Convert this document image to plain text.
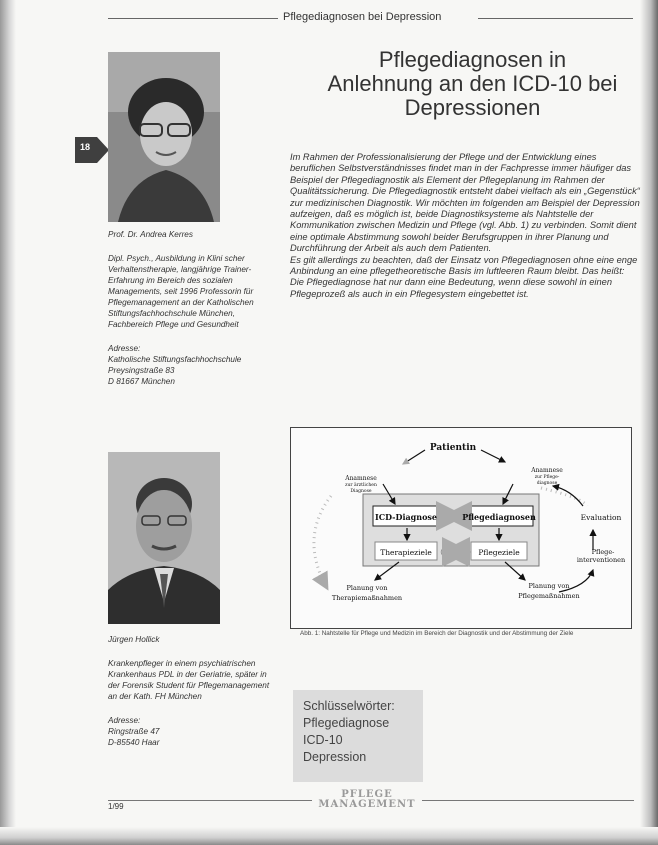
Pflegediagnosen bei Depression
18

Prof. Dr. Andrea Kerres

Dipl. Psych., Ausbildung in Klini scher Verhaltenstherapie, langjährige Trainer-Erfahrung im Bereich des sozialen Managements, seit 1996 Professorin für Pflegemanagement an der Katholischen Stiftungsfachhochschule München, Fachbereich Pflege und Gesundheit

Adresse:

Katholische Stiftungsfachhochschule

Preysingstraße 83

D 81667 München

Pflegediagnosen in
Anlehnung an den ICD-10 bei
Depressionen

Im Rahmen der Professionalisierung der Pflege und der Entwicklung eines beruflichen Selbstverständnisses findet man in der Fachpresse immer häufiger das Beispiel der Pflegediagnostik als Element der Pflegeplanung im Rahmen der Qualitätssicherung. Die Pflegediagnostik entsteht dabei vielfach als ein „Gegenstück“ zur medizinischen Diagnostik. Wir möchten im folgenden am Beispiel der Depression aufzeigen, daß es möglich ist, beide Diagnostiksysteme als Nahtstelle der Kommunikation zwischen Medizin und Pflege (vgl. Abb. 1) zu verbinden. Somit dient eine optimale Abstimmung sowohl beider Berufsgruppen in ihrer Planung und Durchführung der Arbeit als auch dem Patienten.

Es gilt allerdings zu beachten, daß der Einsatz von Pflegediagnosen ohne eine enge Anbindung an eine pflegetheoretische Basis im luftleeren Raum bleibt. Das heißt: Die Pflegediagnose hat nur dann eine Bedeutung, wenn diese sowohl in einen Pflegeprozeß als auch in ein Pflegesystem eingebettet ist.

Jürgen Hollick

Krankenpfleger in einem psychiatrischen Krankenhaus PDL in der Geriatrie, später in der Forensik Student für Pflegemanagement an der Kath. FH München

Adresse:

Ringstraße 47

D-85540 Haar

Patientin
Anamnese
zur ärztlichen
Diagnose
Anamnese
zur Pflege-
diagnose
ICD-Diagnose	Pflegediagnosen
Therapieziele	Pflegeziele
Evaluation
Pflege-
interventionen
Planung von
Therapiemaßnahmen
Planung von
Pflegemaßnahmen
Abb. 1: Nahtstelle für Pflege und Medizin im Bereich der Diagnostik und der Abstimmung der Ziele
Schlüsselwörter:
Pflegediagnose
ICD-10
Depression
1/99
PFLEGE
MANAGEMENT
